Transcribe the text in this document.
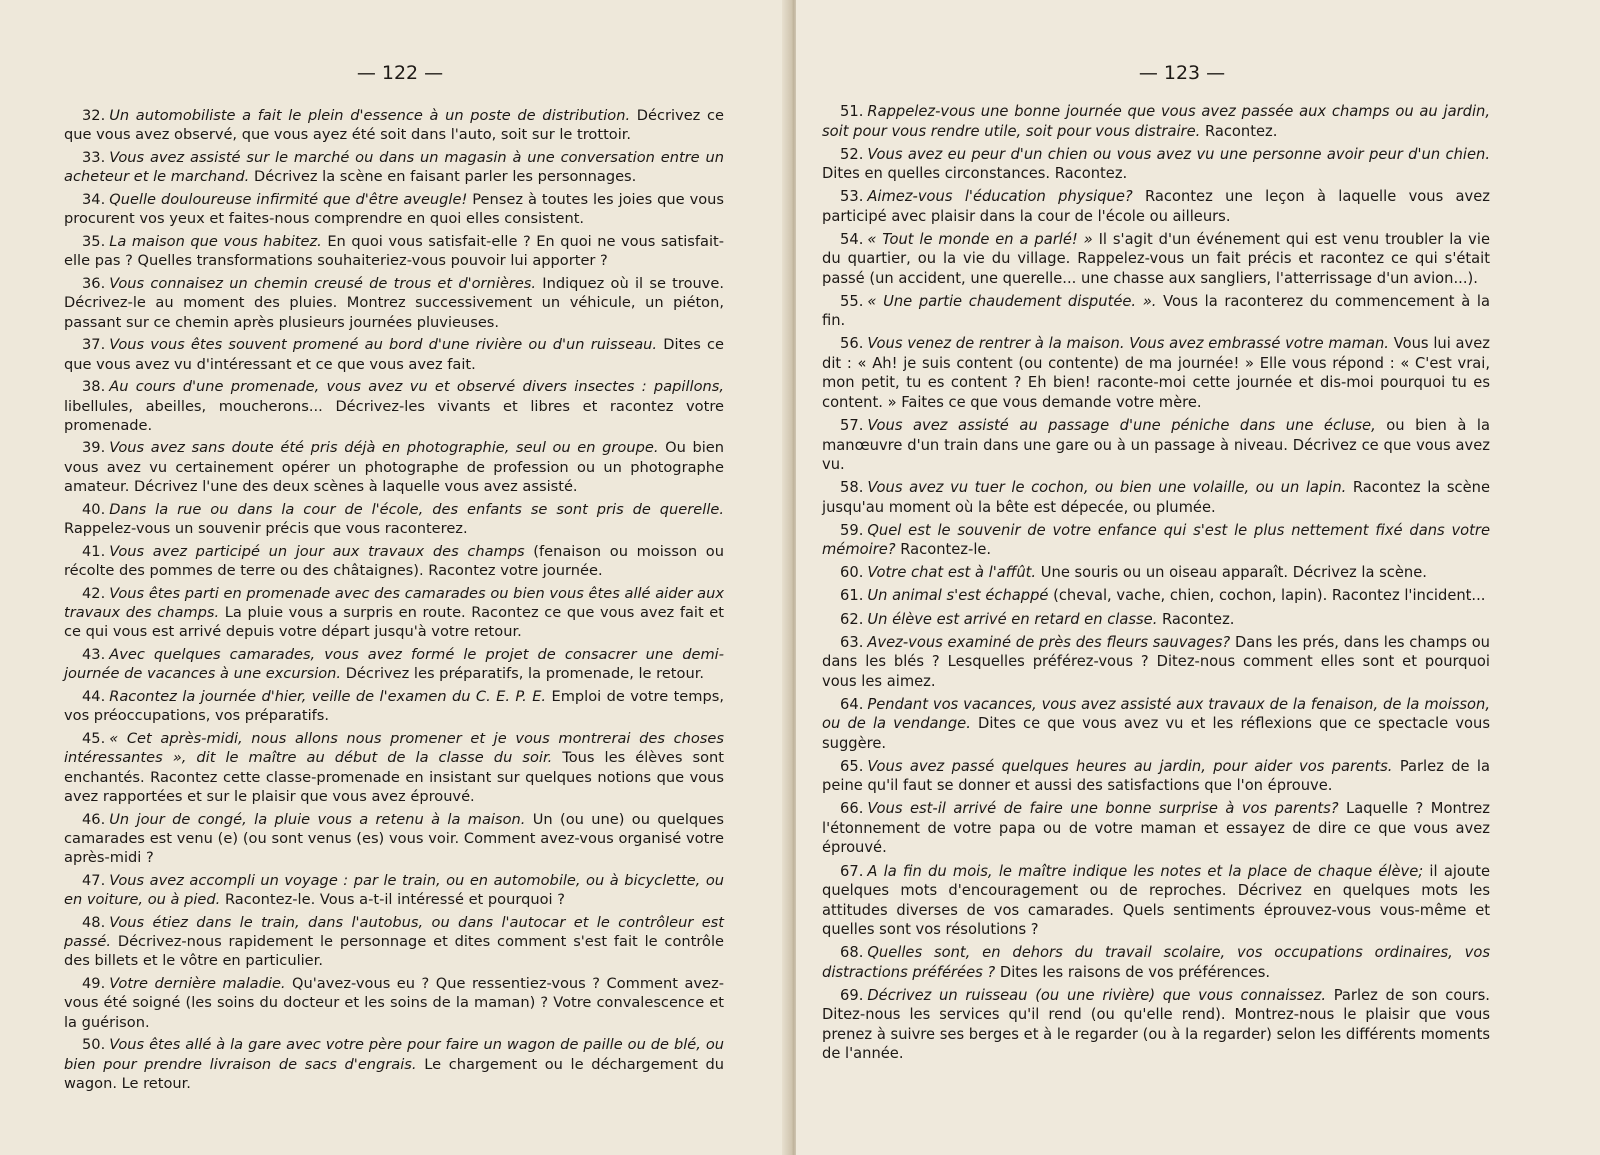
— 122 —

32. Un automobiliste a fait le plein d'essence à un poste de distribution. Décrivez ce que vous avez observé, que vous ayez été soit dans l'auto, soit sur le trottoir.

33. Vous avez assisté sur le marché ou dans un magasin à une conversation entre un acheteur et le marchand. Décrivez la scène en faisant parler les personnages.

34. Quelle douloureuse infirmité que d'être aveugle! Pensez à toutes les joies que vous procurent vos yeux et faites-nous comprendre en quoi elles consistent.

35. La maison que vous habitez. En quoi vous satisfait-elle ? En quoi ne vous satisfait-elle pas ? Quelles transformations souhaiteriez-vous pouvoir lui apporter ?

36. Vous connaisez un chemin creusé de trous et d'ornières. Indiquez où il se trouve. Décrivez-le au moment des pluies. Montrez successivement un véhicule, un piéton, passant sur ce chemin après plusieurs journées pluvieuses.

37. Vous vous êtes souvent promené au bord d'une rivière ou d'un ruisseau. Dites ce que vous avez vu d'intéressant et ce que vous avez fait.

38. Au cours d'une promenade, vous avez vu et observé divers insectes : papillons, libellules, abeilles, moucherons... Décrivez-les vivants et libres et racontez votre promenade.

39. Vous avez sans doute été pris déjà en photographie, seul ou en groupe. Ou bien vous avez vu certainement opérer un photographe de profession ou un photographe amateur. Décrivez l'une des deux scènes à laquelle vous avez assisté.

40. Dans la rue ou dans la cour de l'école, des enfants se sont pris de querelle. Rappelez-vous un souvenir précis que vous raconterez.

41. Vous avez participé un jour aux travaux des champs (fenaison ou moisson ou récolte des pommes de terre ou des châtaignes). Racontez votre journée.

42. Vous êtes parti en promenade avec des camarades ou bien vous êtes allé aider aux travaux des champs. La pluie vous a surpris en route. Racontez ce que vous avez fait et ce qui vous est arrivé depuis votre départ jusqu'à votre retour.

43. Avec quelques camarades, vous avez formé le projet de consacrer une demi-journée de vacances à une excursion. Décrivez les préparatifs, la promenade, le retour.

44. Racontez la journée d'hier, veille de l'examen du C. E. P. E. Emploi de votre temps, vos préoccupations, vos préparatifs.

45. « Cet après-midi, nous allons nous promener et je vous montrerai des choses intéressantes », dit le maître au début de la classe du soir. Tous les élèves sont enchantés. Racontez cette classe-promenade en insistant sur quelques notions que vous avez rapportées et sur le plaisir que vous avez éprouvé.

46. Un jour de congé, la pluie vous a retenu à la maison. Un (ou une) ou quelques camarades est venu (e) (ou sont venus (es) vous voir. Comment avez-vous organisé votre après-midi ?

47. Vous avez accompli un voyage : par le train, ou en automobile, ou à bicyclette, ou en voiture, ou à pied. Racontez-le. Vous a-t-il intéressé et pourquoi ?

48. Vous étiez dans le train, dans l'autobus, ou dans l'autocar et le contrôleur est passé. Décrivez-nous rapidement le personnage et dites comment s'est fait le contrôle des billets et le vôtre en particulier.

49. Votre dernière maladie. Qu'avez-vous eu ? Que ressentiez-vous ? Comment avez-vous été soigné (les soins du docteur et les soins de la maman) ? Votre convalescence et la guérison.

50. Vous êtes allé à la gare avec votre père pour faire un wagon de paille ou de blé, ou bien pour prendre livraison de sacs d'engrais. Le chargement ou le déchargement du wagon. Le retour.

— 123 —

51. Rappelez-vous une bonne journée que vous avez passée aux champs ou au jardin, soit pour vous rendre utile, soit pour vous distraire. Racontez.

52. Vous avez eu peur d'un chien ou vous avez vu une personne avoir peur d'un chien. Dites en quelles circonstances. Racontez.

53. Aimez-vous l'éducation physique? Racontez une leçon à laquelle vous avez participé avec plaisir dans la cour de l'école ou ailleurs.

54. « Tout le monde en a parlé! » Il s'agit d'un événement qui est venu troubler la vie du quartier, ou la vie du village. Rappelez-vous un fait précis et racontez ce qui s'était passé (un accident, une querelle... une chasse aux sangliers, l'atterrissage d'un avion...).

55. « Une partie chaudement disputée. ». Vous la raconterez du commencement à la fin.

56. Vous venez de rentrer à la maison. Vous avez embrassé votre maman. Vous lui avez dit : « Ah! je suis content (ou contente) de ma journée! » Elle vous répond : « C'est vrai, mon petit, tu es content ? Eh bien! raconte-moi cette journée et dis-moi pourquoi tu es content. » Faites ce que vous demande votre mère.

57. Vous avez assisté au passage d'une péniche dans une écluse, ou bien à la manœuvre d'un train dans une gare ou à un passage à niveau. Décrivez ce que vous avez vu.

58. Vous avez vu tuer le cochon, ou bien une volaille, ou un lapin. Racontez la scène jusqu'au moment où la bête est dépecée, ou plumée.

59. Quel est le souvenir de votre enfance qui s'est le plus nettement fixé dans votre mémoire? Racontez-le.

60. Votre chat est à l'affût. Une souris ou un oiseau apparaît. Décrivez la scène.

61. Un animal s'est échappé (cheval, vache, chien, cochon, lapin). Racontez l'incident...

62. Un élève est arrivé en retard en classe. Racontez.

63. Avez-vous examiné de près des fleurs sauvages? Dans les prés, dans les champs ou dans les blés ? Lesquelles préférez-vous ? Ditez-nous comment elles sont et pourquoi vous les aimez.

64. Pendant vos vacances, vous avez assisté aux travaux de la fenaison, de la moisson, ou de la vendange. Dites ce que vous avez vu et les réflexions que ce spectacle vous suggère.

65. Vous avez passé quelques heures au jardin, pour aider vos parents. Parlez de la peine qu'il faut se donner et aussi des satisfactions que l'on éprouve.

66. Vous est-il arrivé de faire une bonne surprise à vos parents? Laquelle ? Montrez l'étonnement de votre papa ou de votre maman et essayez de dire ce que vous avez éprouvé.

67. A la fin du mois, le maître indique les notes et la place de chaque élève; il ajoute quelques mots d'encouragement ou de reproches. Décrivez en quelques mots les attitudes diverses de vos camarades. Quels sentiments éprouvez-vous vous-même et quelles sont vos résolutions ?

68. Quelles sont, en dehors du travail scolaire, vos occupations ordinaires, vos distractions préférées ? Dites les raisons de vos préférences.

69. Décrivez un ruisseau (ou une rivière) que vous connaissez. Parlez de son cours. Ditez-nous les services qu'il rend (ou qu'elle rend). Montrez-nous le plaisir que vous prenez à suivre ses berges et à le regarder (ou à la regarder) selon les différents moments de l'année.
